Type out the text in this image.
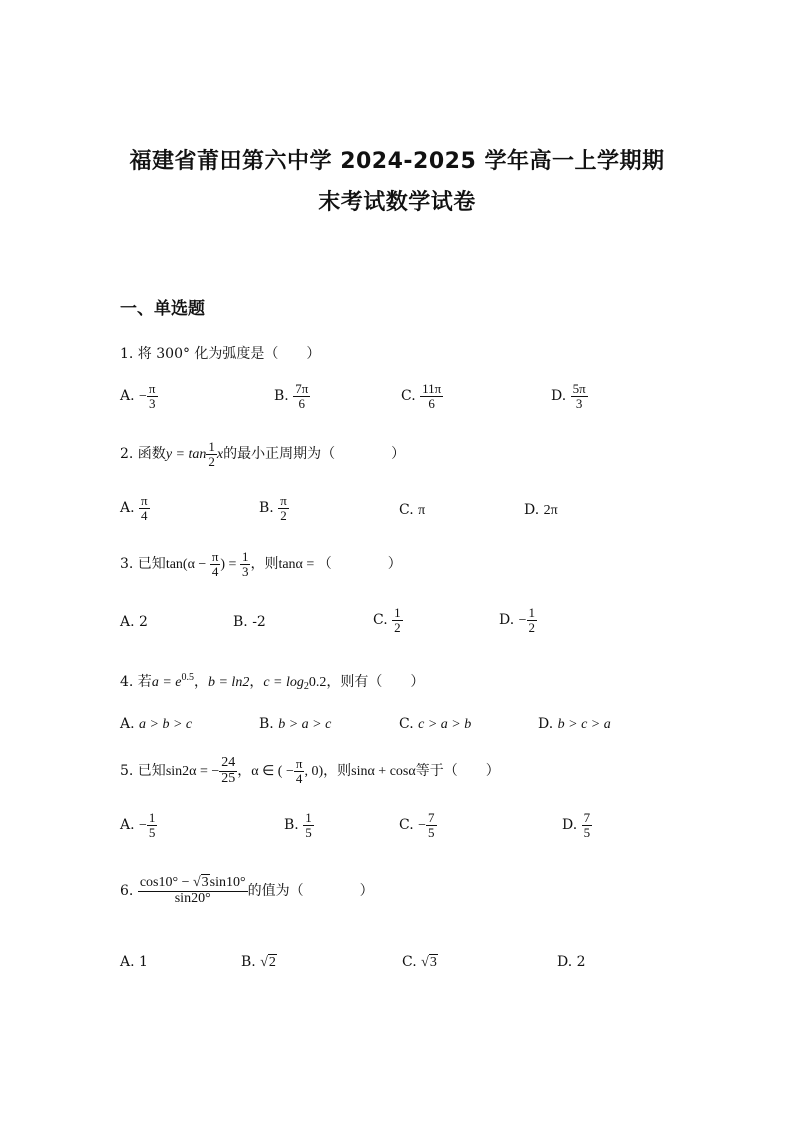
福建省莆田第六中学 2024-2025 学年高一上学期期
末考试数学试卷
一、单选题
1. 将 300° 化为弧度是（　　）
A. − $\frac{\pi}{3}$	B. $\frac{7\pi}{6}$	C. $\frac{11\pi}{6}$	D. $\frac{5\pi}{3}$
2. 函数$y = \tan \frac{1}{2}$ x的最小正周期为（　　　　）
A. $\frac{\pi}{4}$	B. $\frac{\pi}{2}$	C. π	D. 2π
3. 已知$\tan(\alpha - \frac{\pi}{4}$ ) = $\frac{1}{3}$ ，则tanα = （　　　　）
A. 2	B. -2	C. $\frac{1}{2}$	D. − $\frac{1}{2}$
4. 若$a = e^{0.5}$，b = ln2，$c = \log_20.2$，则有（　　）
A. a > b > c	B. b > a > c	C. c > a > b	D. b > c > a
5. 已知sin2α = − $\frac{24}{25}$ ，α ∈ ( − $\frac{\pi}{4}$ , 0)，则sinα + cosα等于（　　）
A. − $\frac{1}{5}$	B. $\frac{1}{5}$	C. − $\frac{7}{5}$	D. $\frac{7}{5}$
6. $\frac{\cos 10^\circ - √3\sin 10^\circ}{\sin 20^\circ}$ 的值为（　　　　）
A. 1	B. √2	C. √3	D. 2
